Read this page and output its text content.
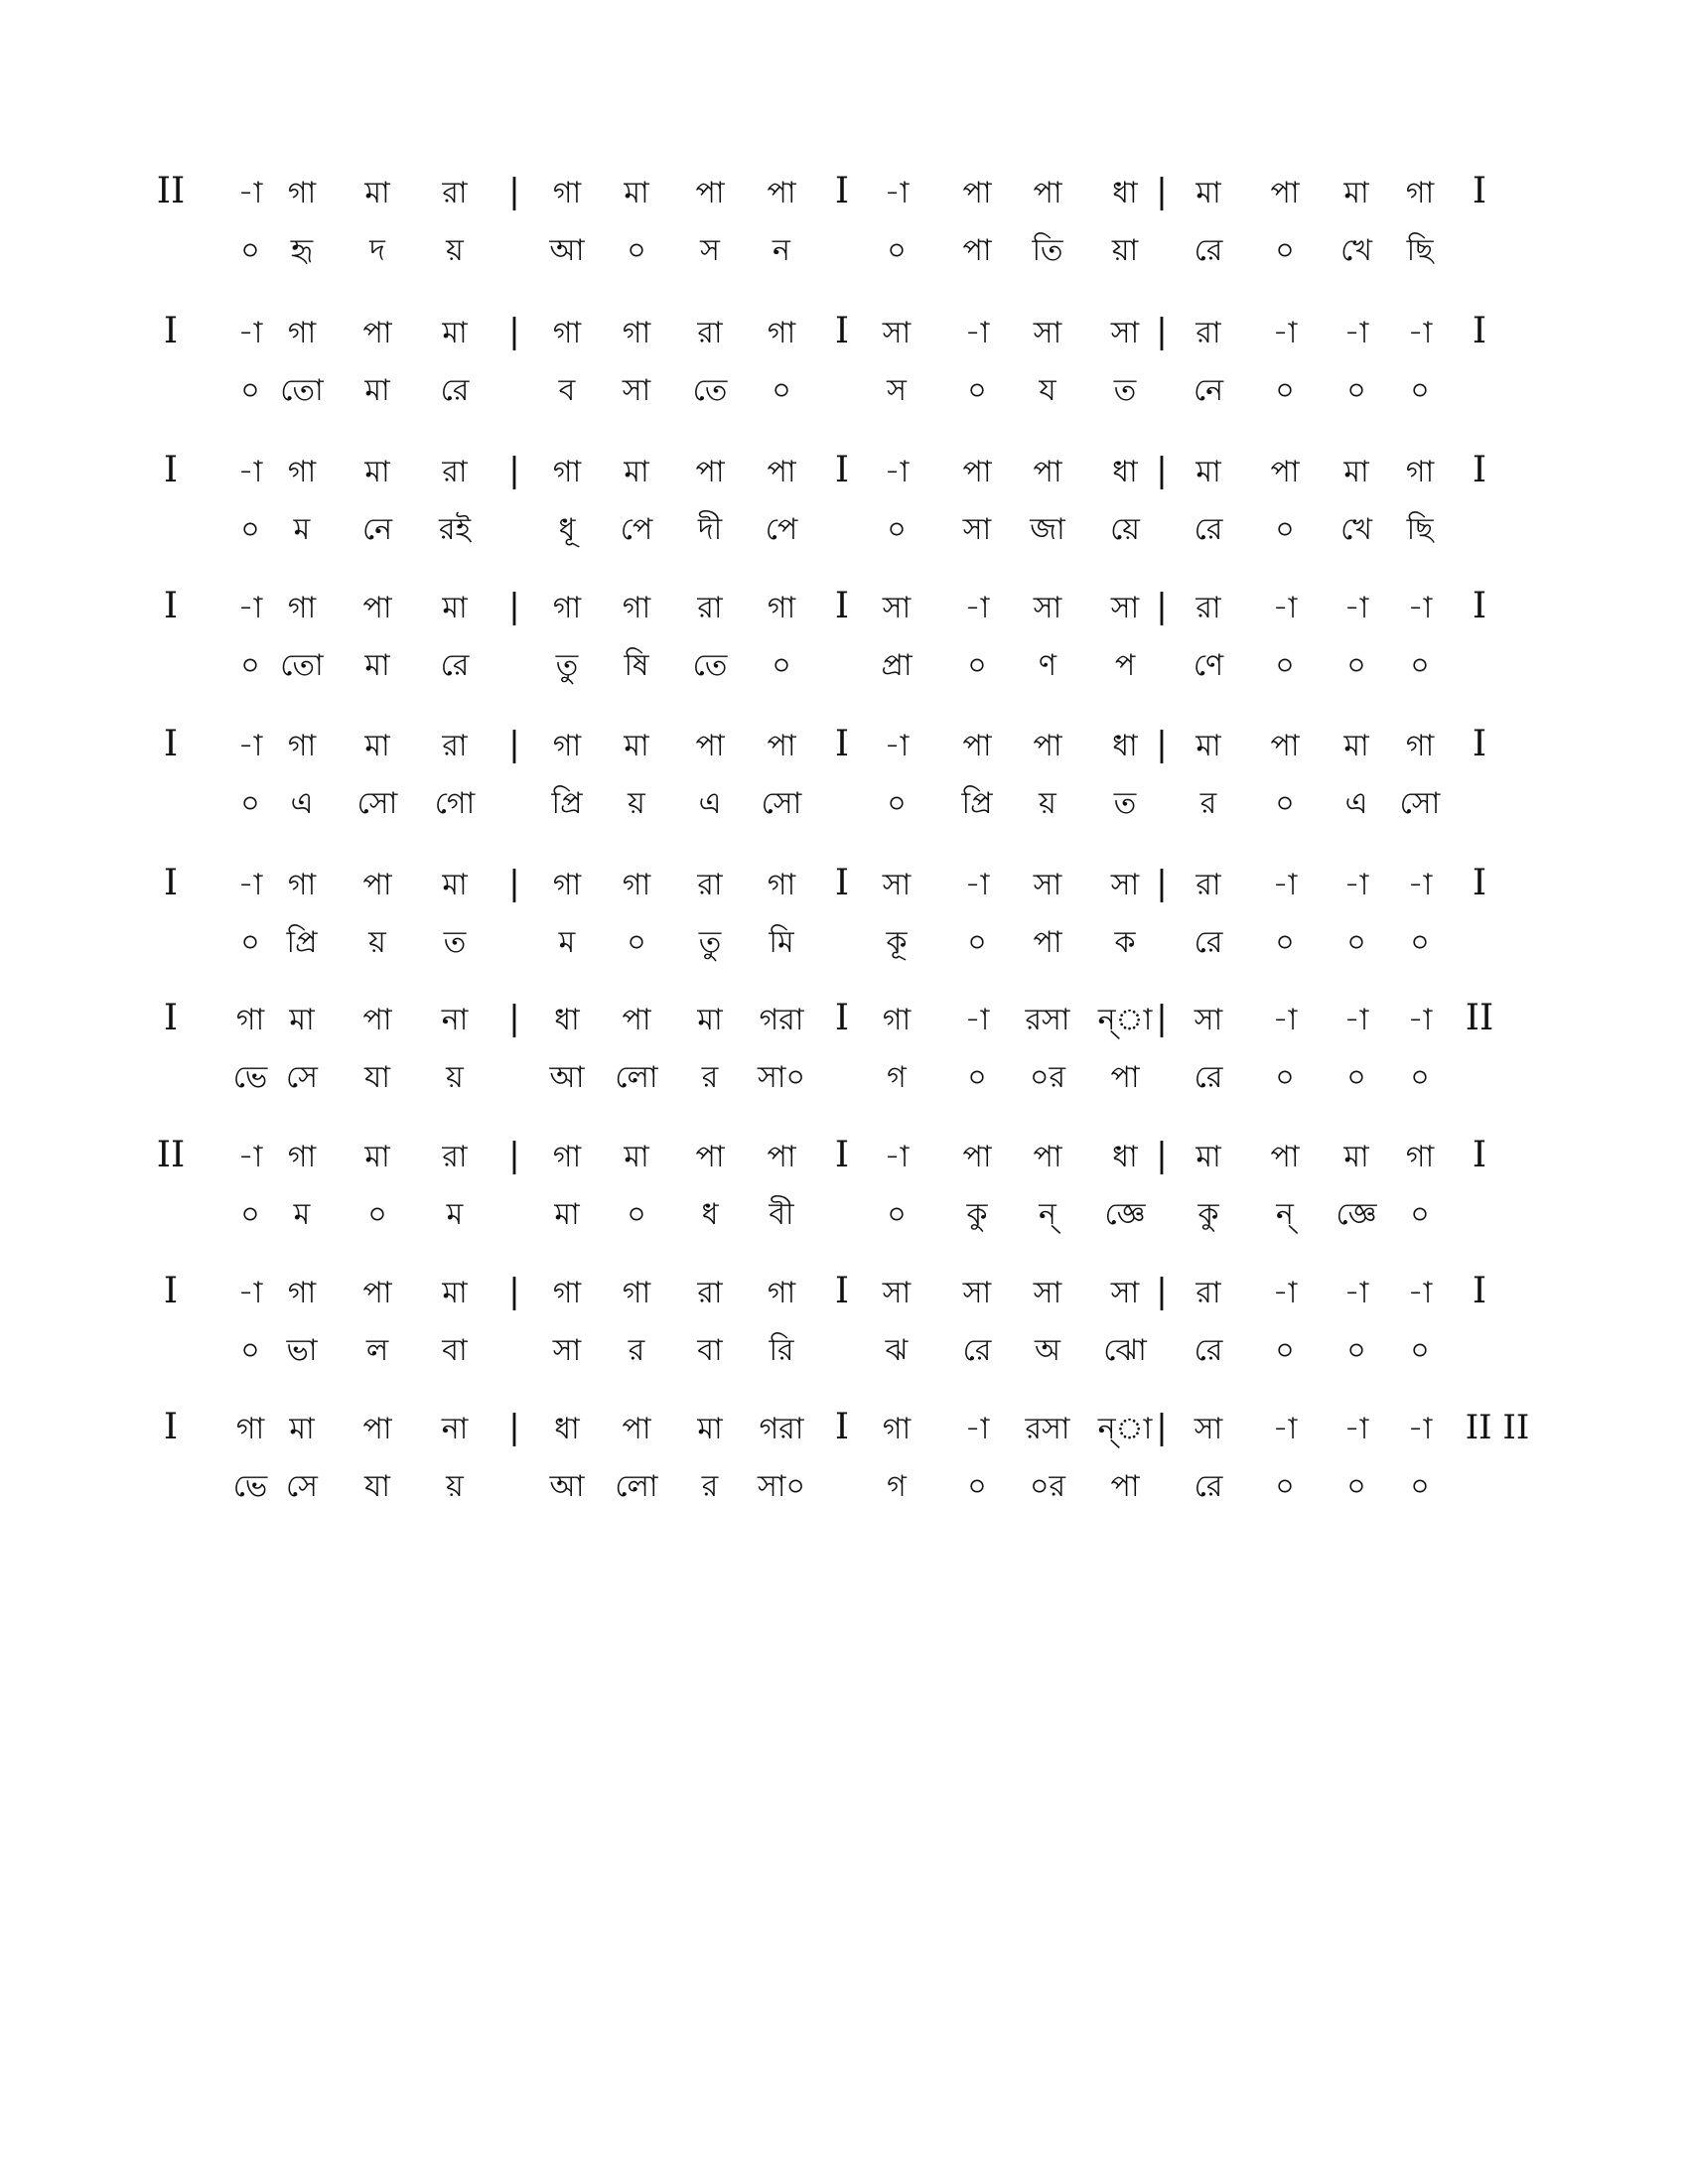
II	-া গা	মা	রা	গা	মা	পা	পা	-া	পা	পা	ধা	মা	পা	মা	গা
০	হৃ	দ	য়	আ	০	স	ন	০	পা	তি	য়া	রে	০	খে	ছি
|	|
I	I
I	-া গা	পা	মা	গা	গা	রা	গা	সা	-া	সা	সা	রা	-া	-া	-া
০ তো	মা	রে	ব	সা	তে	০	স	০	য	ত	নে	০	০	০
|	|
I	I
I	-া গা	মা	রা	গা	মা	পা	পা	-া	পা	পা	ধা	মা	পা	মা	গা
০	ম	নে	রই	ধূ	পে	দী	পে	০	সা	জা	য়ে	রে	০	খে	ছি
|	|
I	I
I	-া গা	পা	মা	গা	গা	রা	গা	সা	-া	সা	সা	রা	-া	-া	-া
০ তো	মা	রে	তু	ষি	তে	০	প্রা	০	ণ	প	ণে	০	০	০
|	|
I	I
I	-া গা	মা	রা	গা	মা	পা	পা	-া	পা	পা	ধা	মা	পা	মা	গা
০	এ	সো	গো	প্রি	য়	এ	সো	০	প্রি	য়	ত	র	০	এ	সো
|	|
I	I
I	-া গা	পা	মা	গা	গা	রা	গা	সা	-া	সা	সা	রা	-া	-া	-া
০ প্রি	য়	ত	ম	০	তু	মি	কূ	০	পা	ক	রে	০	০	০
|	|
I	I
I	গা মা	পা	না	ধা	পা	মা	গরা	গা	-া	রসা ন্া	সা	-া	-া	-া
ভে সে	যা	য়	আ	লো	র	সা০	গ	০	০র	পা	রে	০	০	০
|	|
I	II
II	-া গা	মা	রা	গা	মা	পা	পা	-া	পা	পা	ধা	মা	পা	মা	গা
০	ম	০	ম	মা	০	ধ	বী	০	কু	ন্	জ্ঞে	কু	ন্	জ্ঞে	০
|	|
I	I
I	-া গা	পা	মা	গা	গা	রা	গা	সা	সা	সা	সা	রা	-া	-া	-া
০ ভা	ল	বা	সা	র	বা	রি	ঝ	রে	অ	ঝো	রে	০	০	০
|	|
I	I
I	গা মা	পা	না	ধা	পা	মা	গরা	গা	-া	রসা ন্া	সা	-া	-া	-া
ভে সে	যা	য়	আ	লো	র	সা০	গ	০	০র	পা	রে	০	০	০
|	|
I	II II
